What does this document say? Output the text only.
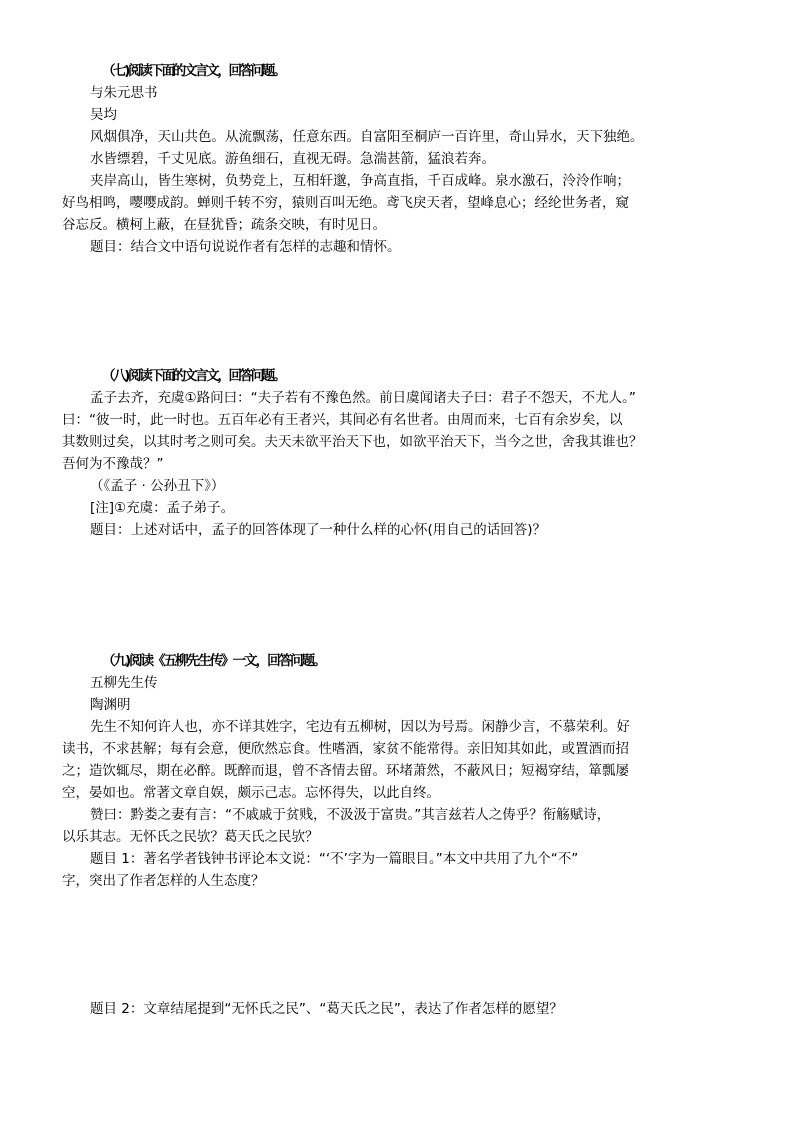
（七)阅读下面的文言文，回答问题。
与朱元思书
吴均
风烟俱净，天山共色。从流飘荡，任意东西。自富阳至桐庐一百许里，奇山异水，天下独绝。
水皆缥碧，千丈见底。游鱼细石，直视无碍。急湍甚箭，猛浪若奔。
夹岸高山，皆生寒树，负势竞上，互相轩邈，争高直指，千百成峰。泉水激石，泠泠作响；
好鸟相鸣，嘤嘤成韵。蝉则千转不穷，猿则百叫无绝。鸢飞戾天者，望峰息心；经纶世务者，窥
谷忘反。横柯上蔽，在昼犹昏；疏条交映，有时见日。
题目：结合文中语句说说作者有怎样的志趣和情怀。
（八)阅读下面的文言文，回答问题。
孟子去齐，充虞①路问曰：“夫子若有不豫色然。前日虞闻诸夫子曰：君子不怨天，不尤人。”
曰：“彼一时，此一时也。五百年必有王者兴，其间必有名世者。由周而来，七百有余岁矣，以
其数则过矣，以其时考之则可矣。夫天未欲平治天下也，如欲平治天下，当今之世，舍我其谁也？
吾何为不豫哉？”
（《孟子 · 公孙丑下》）
[注]①充虞：孟子弟子。
题目：上述对话中，孟子的回答体现了一种什么样的心怀(用自己的话回答)？
（九)阅读《五柳先生传》一文，回答问题。
五柳先生传
陶渊明
先生不知何许人也，亦不详其姓字，宅边有五柳树，因以为号焉。闲静少言，不慕荣利。好
读书，不求甚解；每有会意，便欣然忘食。性嗜酒，家贫不能常得。亲旧知其如此，或置酒而招
之；造饮辄尽，期在必醉。既醉而退，曾不吝情去留。环堵萧然，不蔽风日；短褐穿结，箪瓢屡
空，晏如也。常著文章自娱，颇示己志。忘怀得失，以此自终。
赞曰：黔娄之妻有言：“不戚戚于贫贱，不汲汲于富贵。”其言兹若人之俦乎？衔觞赋诗，
以乐其志。无怀氏之民欤？葛天氏之民欤？
题目 1：著名学者钱钟书评论本文说：“‘不’字为一篇眼目。”本文中共用了九个“不”
字，突出了作者怎样的人生态度？
题目 2：文章结尾提到“无怀氏之民”、“葛天氏之民”，表达了作者怎样的愿望？
